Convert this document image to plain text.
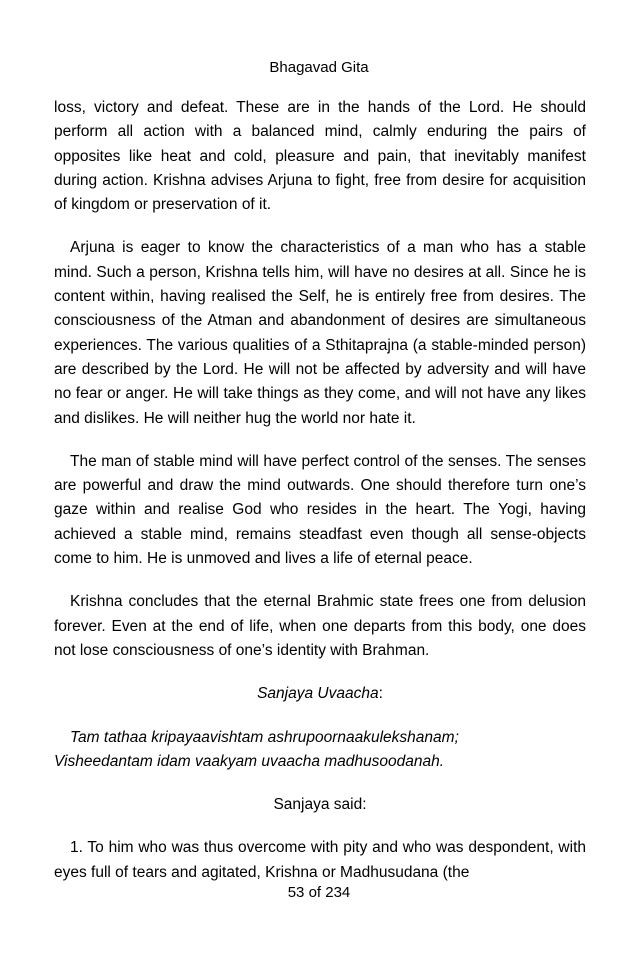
Bhagavad Gita

loss, victory and defeat. These are in the hands of the Lord. He should perform all action with a balanced mind, calmly enduring the pairs of opposites like heat and cold, pleasure and pain, that inevitably manifest during action. Krishna advises Arjuna to fight, free from desire for acquisition of kingdom or preservation of it.

Arjuna is eager to know the characteristics of a man who has a stable mind. Such a person, Krishna tells him, will have no desires at all. Since he is content within, having realised the Self, he is entirely free from desires. The consciousness of the Atman and abandonment of desires are simultaneous experiences. The various qualities of a Sthitaprajna (a stable-minded person) are described by the Lord. He will not be affected by adversity and will have no fear or anger. He will take things as they come, and will not have any likes and dislikes. He will neither hug the world nor hate it.

The man of stable mind will have perfect control of the senses. The senses are powerful and draw the mind outwards. One should therefore turn one’s gaze within and realise God who resides in the heart. The Yogi, having achieved a stable mind, remains steadfast even though all sense-objects come to him. He is unmoved and lives a life of eternal peace.

Krishna concludes that the eternal Brahmic state frees one from delusion forever. Even at the end of life, when one departs from this body, one does not lose consciousness of one’s identity with Brahman.

Sanjaya Uvaacha:

Tam tathaa kripayaavishtam ashrupoornaakulekshanam;
Visheedantam idam vaakyam uvaacha madhusoodanah.

Sanjaya said:

1. To him who was thus overcome with pity and who was despondent, with eyes full of tears and agitated, Krishna or Madhusudana (the

53 of 234
